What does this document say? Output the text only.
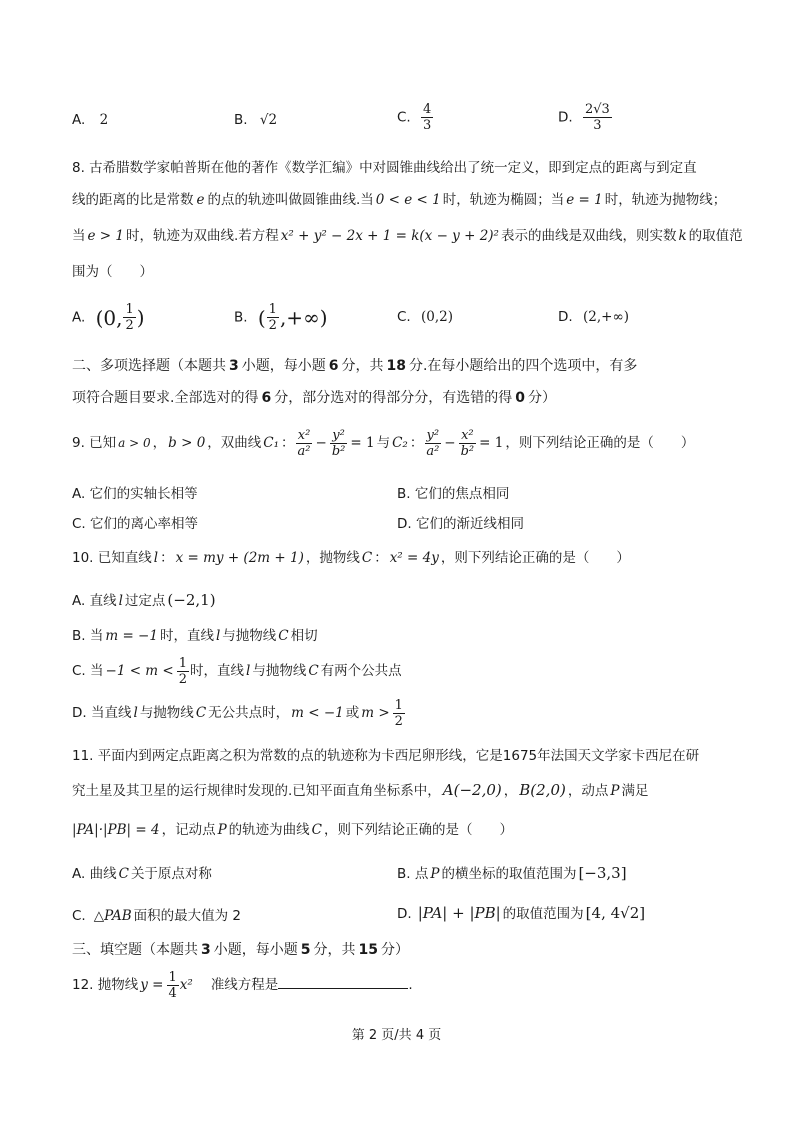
A. 2	B. √2	C. $\frac{4}{3}$	D. $\frac{2√3}{3}$
8. 古希腊数学家帕普斯在他的著作《数学汇编》中对圆锥曲线给出了统一定义，即到定点的距离与到定直
线的距离的比是常数 e 的点的轨迹叫做圆锥曲线.当 0 < e < 1 时，轨迹为椭圆；当 e = 1 时，轨迹为抛物线；
当 e > 1 时，轨迹为双曲线.若方程 x² + y² − 2x + 1 = k(x − y + 2)² 表示的曲线是双曲线，则实数 k 的取值范
围为（　　）
A. (0, $\frac{1}{2}$ )	B. ( $\frac{1}{2}$ ,+∞)	C. (0,2)	D. (2,+∞)
二、多项选择题（本题共 3 小题，每小题 6 分，共 18 分.在每小题给出的四个选项中，有多
项符合题目要求.全部选对的得 6 分，部分选对的得部分分，有选错的得 0 分）
9. 已知 a > 0 ， b > 0 ，双曲线 C₁ ： $\frac{\text{x²}}{\text{a²}} - \frac{\text{y²}}{\text{b²}} = 1$ 与 C₂ ： $\frac{\text{y²}}{\text{a²}} - \frac{\text{x²}}{\text{b²}} = 1$ ，则下列结论正确的是（　　）
A. 它们的实轴长相等	B. 它们的焦点相同
C. 它们的离心率相等	D. 它们的渐近线相同
10. 已知直线 l ： x = my + (2m + 1) ，抛物线 C ： x² = 4y ，则下列结论正确的是（　　）
A. 直线 l 过定点 (−2,1)
B. 当 m = −1 时，直线 l 与抛物线 C 相切
C. 当 $-1 < m < \frac{1}{2}$ 时，直线 l 与抛物线 C 有两个公共点
D. 当直线 l 与抛物线 C 无公共点时， m < −1 或 $m > \frac{1}{2}$
11. 平面内到两定点距离之积为常数的点的轨迹称为卡西尼卵形线，它是1675年法国天文学家卡西尼在研
究土星及其卫星的运行规律时发现的.已知平面直角坐标系中， A(−2,0) ， B(2,0) ，动点 P 满足
|PA|·|PB| = 4 ，记动点 P 的轨迹为曲线 C ，则下列结论正确的是（　　）
A. 曲线 C 关于原点对称	B. 点 P 的横坐标的取值范围为 [−3,3]
C. △PAB 面积的最大值为 2	D. |PA| + |PB| 的取值范围为 [4, 4√2]
三、填空题（本题共 3 小题，每小题 5 分，共 15 分）
12. 抛物线 $y = \frac{1}{4} x^2$ 准线方程是	.
第 2 页/共 4 页
